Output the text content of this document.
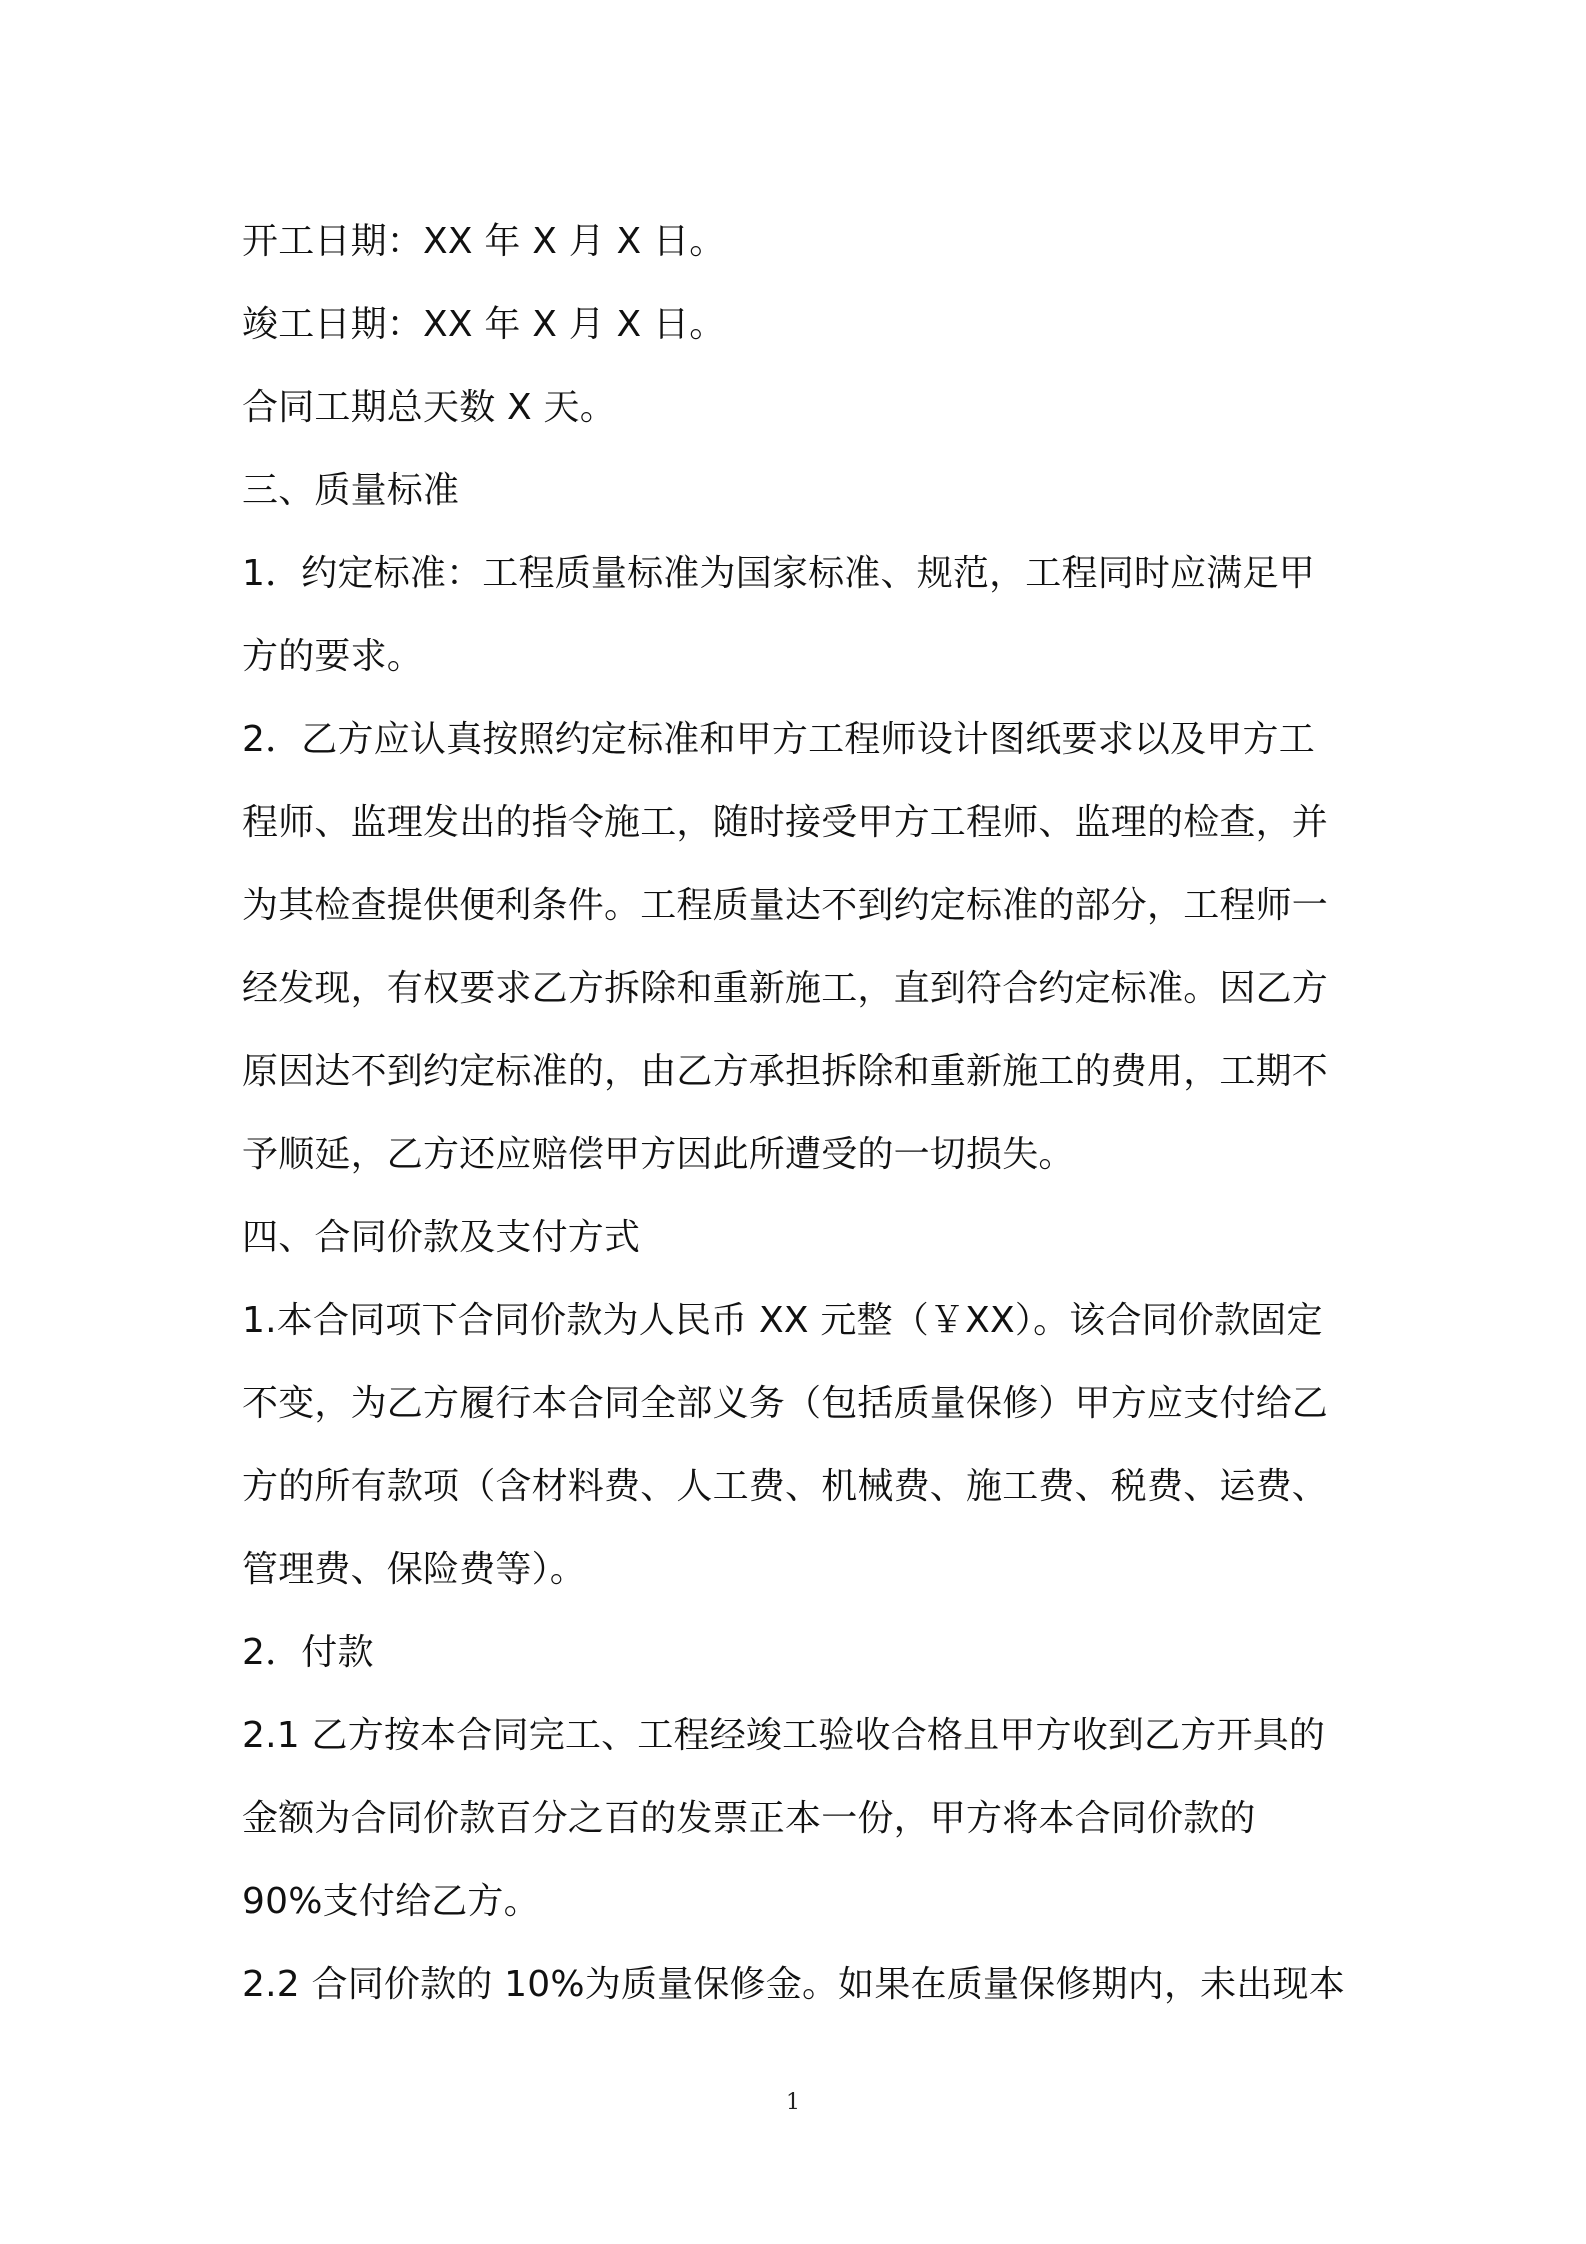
开工日期：XX 年 X 月 X 日。
竣工日期：XX 年 X 月 X 日。
合同工期总天数 X 天。
三、质量标准
1．约定标准：工程质量标准为国家标准、规范，工程同时应满足甲
方的要求。
2．乙方应认真按照约定标准和甲方工程师设计图纸要求以及甲方工
程师、监理发出的指令施工，随时接受甲方工程师、监理的检查，并
为其检查提供便利条件。工程质量达不到约定标准的部分，工程师一
经发现，有权要求乙方拆除和重新施工，直到符合约定标准。因乙方
原因达不到约定标准的，由乙方承担拆除和重新施工的费用，工期不
予顺延，乙方还应赔偿甲方因此所遭受的一切损失。
四、合同价款及支付方式
1.本合同项下合同价款为人民币 XX 元整（￥XX）。该合同价款固定
不变，为乙方履行本合同全部义务（包括质量保修）甲方应支付给乙
方的所有款项（含材料费、人工费、机械费、施工费、税费、运费、
管理费、保险费等）。
2．付款
2.1 乙方按本合同完工、工程经竣工验收合格且甲方收到乙方开具的
金额为合同价款百分之百的发票正本一份，甲方将本合同价款的
90%支付给乙方。
2.2 合同价款的 10%为质量保修金。如果在质量保修期内，未出现本
1
